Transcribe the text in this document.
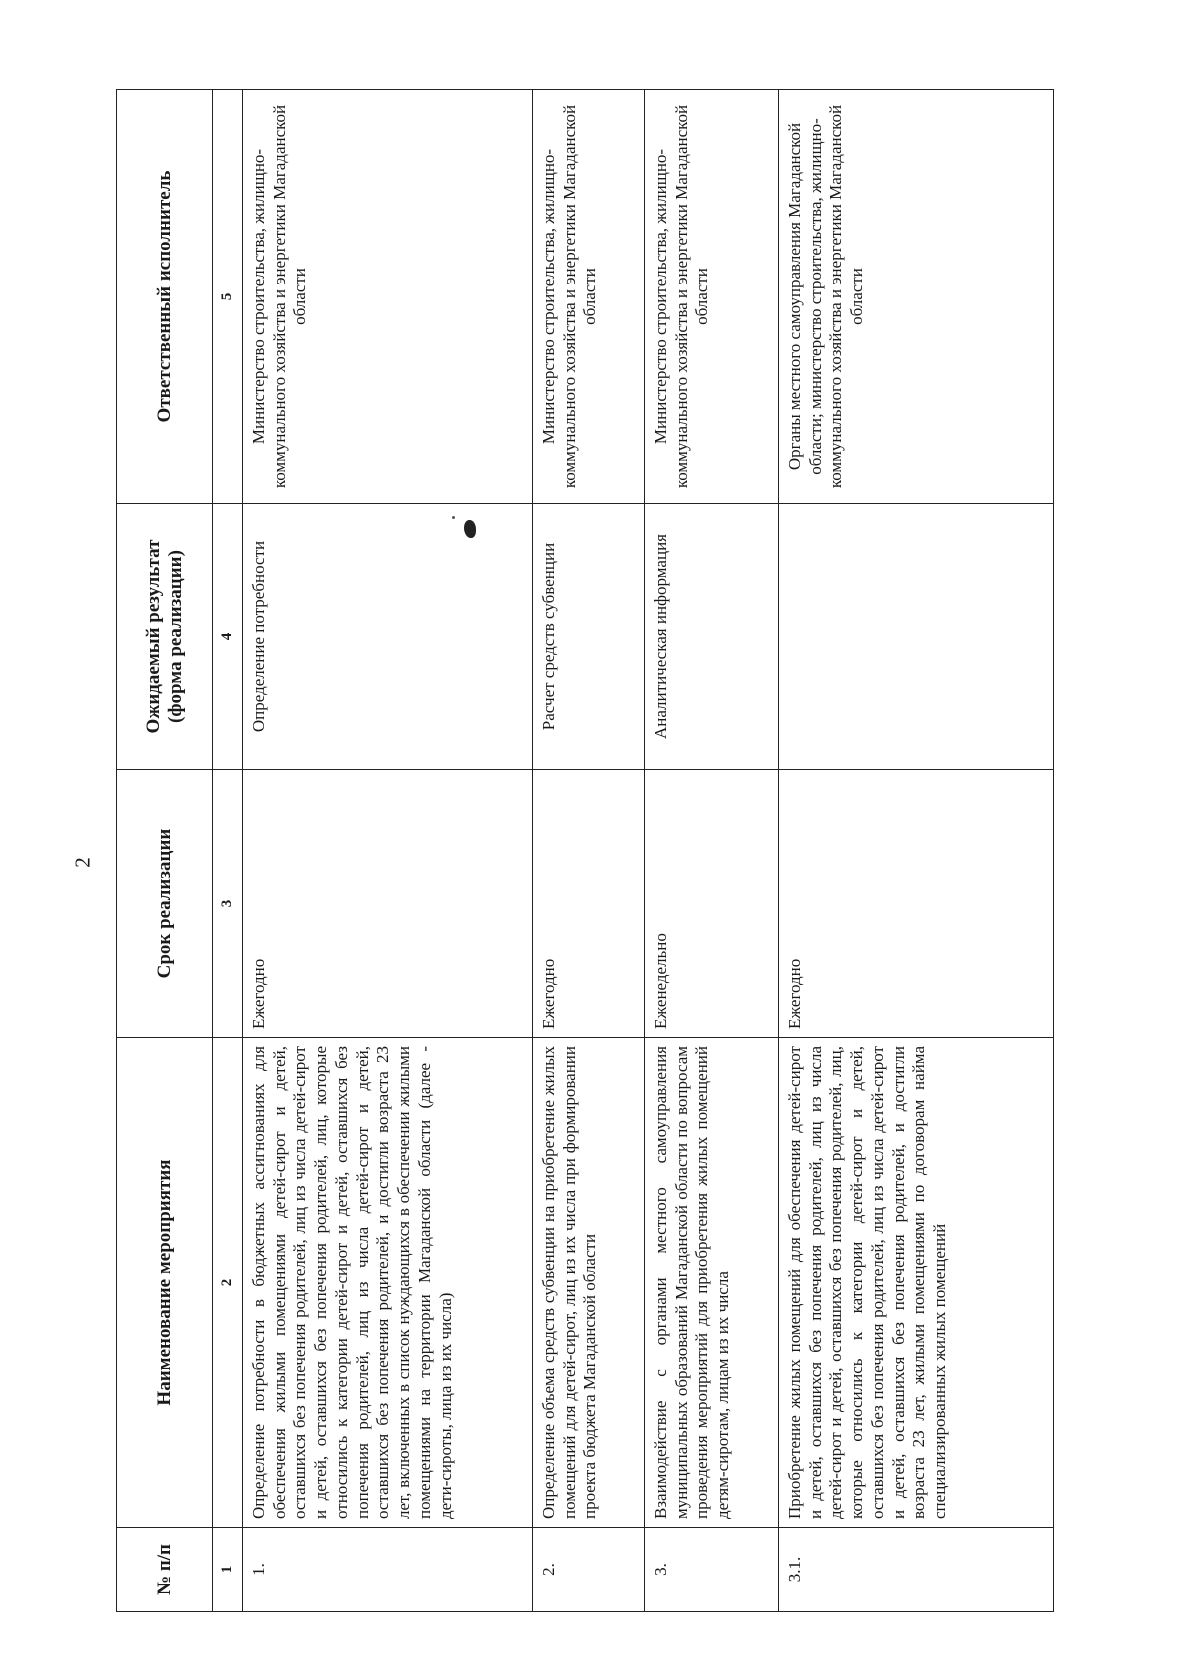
2
№ п/п	Наименование мероприятия	Срок реализации	Ожидаемый результат (форма реализации)	Ответственный исполнитель
1	2	3	4	5
1.	Определение потребности в бюджетных ассигнованиях для обеспечения жилыми помещениями детей-сирот и детей, оставшихся без попечения родителей, лиц из числа детей-сирот и детей, оставшихся без попечения родителей, лиц, которые относились к категории детей-сирот и детей, оставшихся без попечения родителей, лиц из числа детей-сирот и детей, оставшихся без попечения родителей, и достигли возраста 23 лет, включенных в список нуждающихся в обеспечении жилыми помещениями на территории Магаданской области (далее - дети-сироты, лица из их числа)	Ежегодно	Определение потребности	Министерство строительства, жилищно-коммунального хозяйства и энергетики Магаданской области
2.	Определение объема средств субвенции на приобретение жилых помещений для детей-сирот, лиц из их числа при формировании проекта бюджета Магаданской области	Ежегодно	Расчет средств субвенции	Министерство строительства, жилищно-коммунального хозяйства и энергетики Магаданской области
3.	Взаимодействие с органами местного самоуправления муниципальных образований Магаданской области по вопросам проведения мероприятий для приобретения жилых помещений детям-сиротам, лицам из их числа	Еженедельно	Аналитическая информация	Министерство строительства, жилищно-коммунального хозяйства и энергетики Магаданской области
3.1.	Приобретение жилых помещений для обеспечения детей-сирот и детей, оставшихся без попечения родителей, лиц из числа детей-сирот и детей, оставшихся без попечения родителей, лиц, которые относились к категории детей-сирот и детей, оставшихся без попечения родителей, лиц из числа детей-сирот и детей, оставшихся без попечения родителей, и достигли возраста 23 лет, жилыми помещениями по договорам найма специализированных жилых помещений	Ежегодно		Органы местного самоуправления Магаданской области; министерство строительства, жилищно-коммунального хозяйства и энергетики Магаданской области
